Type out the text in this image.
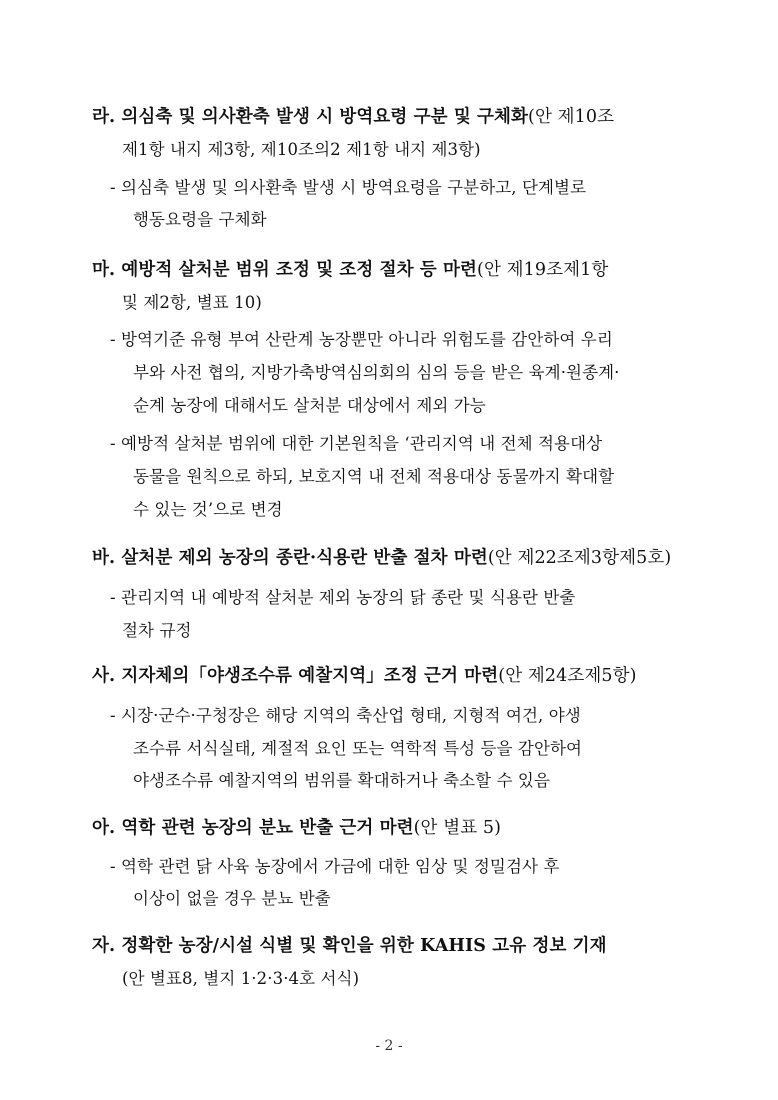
라. 의심축 및 의사환축 발생 시 방역요령 구분 및 구체화(안 제10조
제1항 내지 제3항, 제10조의2 제1항 내지 제3항)
- 의심축 발생 및 의사환축 발생 시 방역요령을 구분하고, 단계별로
행동요령을 구체화
마. 예방적 살처분 범위 조정 및 조정 절차 등 마련(안 제19조제1항
및 제2항, 별표 10)
- 방역기준 유형 부여 산란계 농장뿐만 아니라 위험도를 감안하여 우리
부와 사전 협의, 지방가축방역심의회의 심의 등을 받은 육계·원종계·
순계 농장에 대해서도 살처분 대상에서 제외 가능
- 예방적 살처분 범위에 대한 기본원칙을 ‘관리지역 내 전체 적용대상
동물을 원칙으로 하되, 보호지역 내 전체 적용대상 동물까지 확대할
수 있는 것’으로 변경
바. 살처분 제외 농장의 종란·식용란 반출 절차 마련(안 제22조제3항제5호)
- 관리지역 내 예방적 살처분 제외 농장의 닭 종란 및 식용란 반출
절차 규정
사. 지자체의「야생조수류 예찰지역」조정 근거 마련(안 제24조제5항)
- 시장·군수·구청장은 해당 지역의 축산업 형태, 지형적 여건, 야생
조수류 서식실태, 계절적 요인 또는 역학적 특성 등을 감안하여
야생조수류 예찰지역의 범위를 확대하거나 축소할 수 있음
아. 역학 관련 농장의 분뇨 반출 근거 마련(안 별표 5)
- 역학 관련 닭 사육 농장에서 가금에 대한 임상 및 정밀검사 후
이상이 없을 경우 분뇨 반출
자. 정확한 농장/시설 식별 및 확인을 위한 KAHIS 고유 정보 기재
(안 별표8, 별지 1·2·3·4호 서식)
- 2 -
